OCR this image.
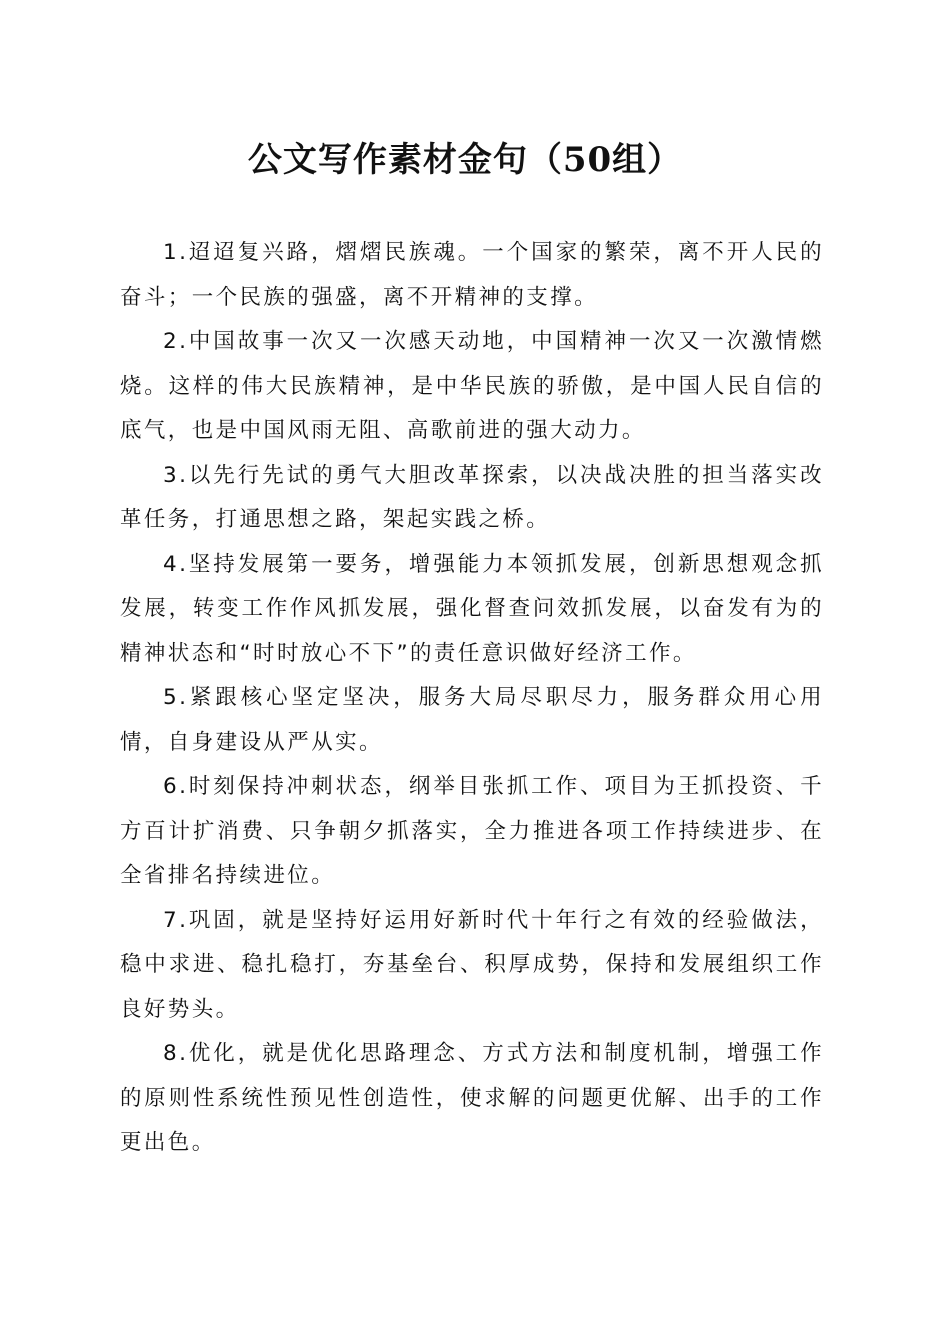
公文写作素材金句（50组）

1.迢迢复兴路，熠熠民族魂。一个国家的繁荣，离不开人民的奋斗；一个民族的强盛，离不开精神的支撑。

2.中国故事一次又一次感天动地，中国精神一次又一次激情燃烧。这样的伟大民族精神，是中华民族的骄傲，是中国人民自信的底气，也是中国风雨无阻、高歌前进的强大动力。

3.以先行先试的勇气大胆改革探索，以决战决胜的担当落实改革任务，打通思想之路，架起实践之桥。

4.坚持发展第一要务，增强能力本领抓发展，创新思想观念抓发展，转变工作作风抓发展，强化督查问效抓发展，以奋发有为的精神状态和“时时放心不下”的责任意识做好经济工作。

5.紧跟核心坚定坚决，服务大局尽职尽力，服务群众用心用情，自身建设从严从实。

6.时刻保持冲刺状态，纲举目张抓工作、项目为王抓投资、千方百计扩消费、只争朝夕抓落实，全力推进各项工作持续进步、在全省排名持续进位。

7.巩固，就是坚持好运用好新时代十年行之有效的经验做法，稳中求进、稳扎稳打，夯基垒台、积厚成势，保持和发展组织工作良好势头。

8.优化，就是优化思路理念、方式方法和制度机制，增强工作的原则性系统性预见性创造性，使求解的问题更优解、出手的工作更出色。
